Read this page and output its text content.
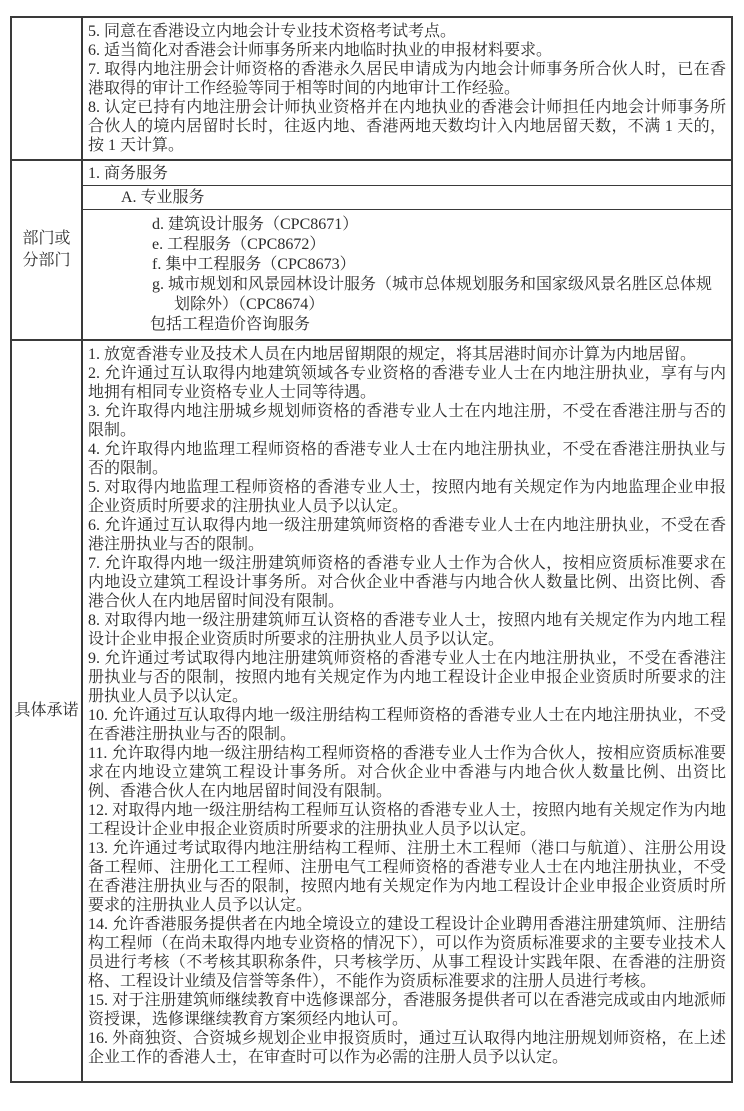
5. 同意在香港设立内地会计专业技术资格考试考点。

6. 适当简化对香港会计师事务所来内地临时执业的申报材料要求。

7. 取得内地注册会计师资格的香港永久居民申请成为内地会计师事务所合伙人时，已在香港取得的审计工作经验等同于相等时间的内地审计工作经验。

8. 认定已持有内地注册会计师执业资格并在内地执业的香港会计师担任内地会计师事务所合伙人的境内居留时长时，往返内地、香港两地天数均计入内地居留天数，不满 1 天的，按 1 天计算。

部门或分部门

1. 商务服务

A. 专业服务

d. 建筑设计服务（CPC8671）

e. 工程服务（CPC8672）

f. 集中工程服务（CPC8673）

g. 城市规划和风景园林设计服务（城市总体规划服务和国家级风景名胜区总体规划除外）（CPC8674）

包括工程造价咨询服务

具体承诺

1. 放宽香港专业及技术人员在内地居留期限的规定，将其居港时间亦计算为内地居留。

2. 允许通过互认取得内地建筑领域各专业资格的香港专业人士在内地注册执业，享有与内地拥有相同专业资格专业人士同等待遇。

3. 允许取得内地注册城乡规划师资格的香港专业人士在内地注册，不受在香港注册与否的限制。

4. 允许取得内地监理工程师资格的香港专业人士在内地注册执业，不受在香港注册执业与否的限制。

5. 对取得内地监理工程师资格的香港专业人士，按照内地有关规定作为内地监理企业申报企业资质时所要求的注册执业人员予以认定。

6. 允许通过互认取得内地一级注册建筑师资格的香港专业人士在内地注册执业，不受在香港注册执业与否的限制。

7. 允许取得内地一级注册建筑师资格的香港专业人士作为合伙人，按相应资质标准要求在内地设立建筑工程设计事务所。对合伙企业中香港与内地合伙人数量比例、出资比例、香港合伙人在内地居留时间没有限制。

8. 对取得内地一级注册建筑师互认资格的香港专业人士，按照内地有关规定作为内地工程设计企业申报企业资质时所要求的注册执业人员予以认定。

9. 允许通过考试取得内地注册建筑师资格的香港专业人士在内地注册执业，不受在香港注册执业与否的限制，按照内地有关规定作为内地工程设计企业申报企业资质时所要求的注册执业人员予以认定。

10. 允许通过互认取得内地一级注册结构工程师资格的香港专业人士在内地注册执业，不受在香港注册执业与否的限制。

11. 允许取得内地一级注册结构工程师资格的香港专业人士作为合伙人，按相应资质标准要求在内地设立建筑工程设计事务所。对合伙企业中香港与内地合伙人数量比例、出资比例、香港合伙人在内地居留时间没有限制。

12. 对取得内地一级注册结构工程师互认资格的香港专业人士，按照内地有关规定作为内地工程设计企业申报企业资质时所要求的注册执业人员予以认定。

13. 允许通过考试取得内地注册结构工程师、注册土木工程师（港口与航道）、注册公用设备工程师、注册化工工程师、注册电气工程师资格的香港专业人士在内地注册执业，不受在香港注册执业与否的限制，按照内地有关规定作为内地工程设计企业申报企业资质时所要求的注册执业人员予以认定。

14. 允许香港服务提供者在内地全境设立的建设工程设计企业聘用香港注册建筑师、注册结构工程师（在尚未取得内地专业资格的情况下），可以作为资质标准要求的主要专业技术人员进行考核（不考核其职称条件，只考核学历、从事工程设计实践年限、在香港的注册资格、工程设计业绩及信誉等条件），不能作为资质标准要求的注册人员进行考核。

15. 对于注册建筑师继续教育中选修课部分，香港服务提供者可以在香港完成或由内地派师资授课，选修课继续教育方案须经内地认可。

16. 外商独资、合资城乡规划企业申报资质时，通过互认取得内地注册规划师资格，在上述企业工作的香港人士，在审查时可以作为必需的注册人员予以认定。
